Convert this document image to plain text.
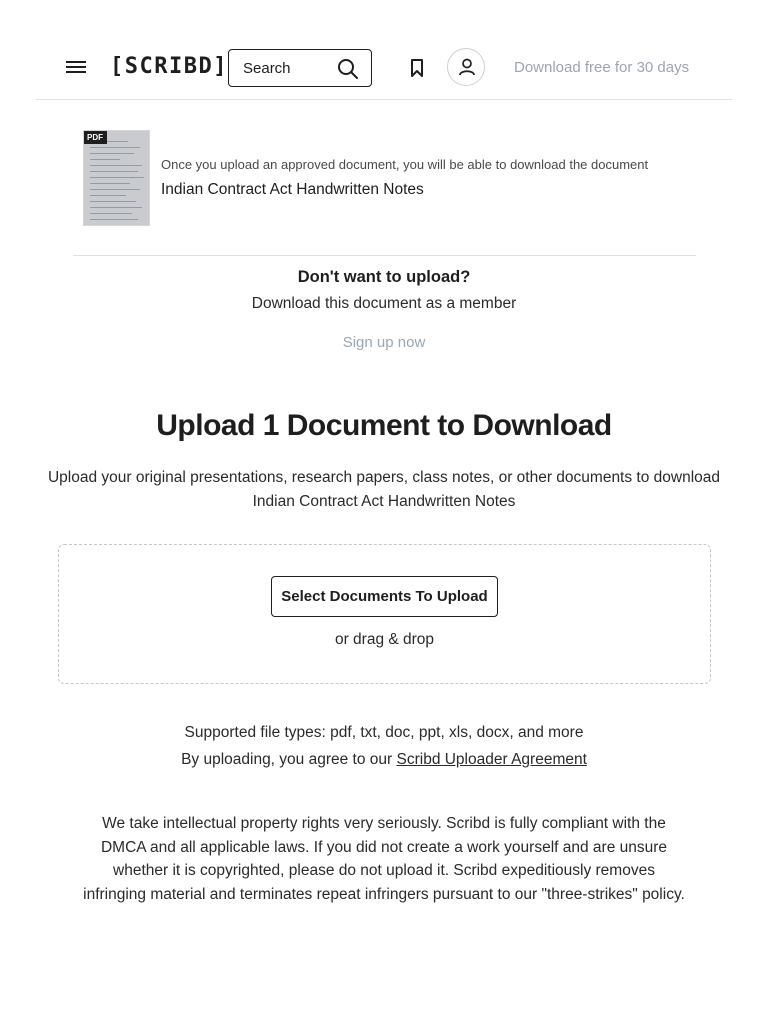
[SCRIBD]
Search	Download free for 30 days
PDF
Once you upload an approved document, you will be able to download the document
Indian Contract Act Handwritten Notes
Don't want to upload?
Download this document as a member
Sign up now
Upload 1 Document to Download
Upload your original presentations, research papers, class notes, or other documents to download
Indian Contract Act Handwritten Notes
Select Documents To Upload
or drag & drop
Supported file types: pdf, txt, doc, ppt, xls, docx, and more
By uploading, you agree to our Scribd Uploader Agreement
We take intellectual property rights very seriously. Scribd is fully compliant with the DMCA and all applicable laws. If you did not create a work yourself and are unsure whether it is copyrighted, please do not upload it. Scribd expeditiously removes infringing material and terminates repeat infringers pursuant to our "three-strikes" policy.
